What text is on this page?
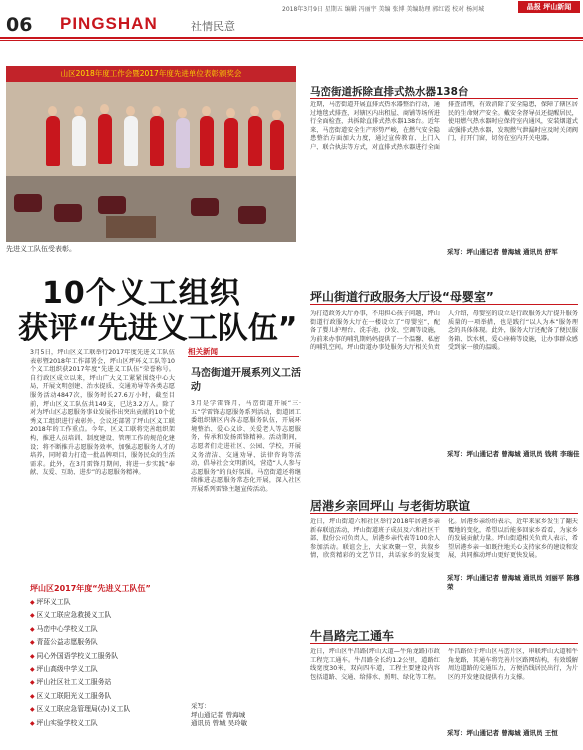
06 PINGSHAN	社情民意
2018年3月9日 星期五 编辑 冯丽宇 美编 张博 美编助理 郭红霞 校对 杨河城	晶报 坪山新闻
山区2018年度工作会暨2017年度先进单位表彰颁奖会
先进义工队伍受表彰。
10个义工组织
获评“先进义工队伍”
3月5日，坪山区义工联举行2017年度先进义工队伍表彰暨2018年工作部署会，坪山区坪环义工队等10个义工组织获2017年度“先进义工队伍”荣誉称号。自行政区成立以来，坪山广大义工紧紧围绕中心大局，开展文明创建、治水提质、交通劝导等各类志愿服务活动4847次，服务时长27.6万小时，截至目前，坪山区义工队伍共149支，已达3.2万人。除了对为坪山区志愿服务事业发展作出突出贡献的10个优秀义工组织进行表彰外，会议还部署了坪山区义工联2018年的工作重点。今年，区义工联将完善组织架构，推进人员培训、制度建设、管理工作的规范化建设；将不断推升志愿服务效率，加强志愿服务人才的培养，同时着力打造一批品牌项目，服务民众的生活需求。此外，在3月雷锋月期间，将进一步实践“奉献、友爱、互助、进步”的志愿服务精神。
坪山区2017年度“先进义工队伍”
◆ 坪环义工队
◆ 区义工联应急救援义工队
◆ 马峦中心学校义工队
◆ 青蓝公益志愿服务队
◆ 同心外国语学校义工服务队
◆ 坪山高级中学义工队
◆ 坪山社区社工义工服务站
◆ 区义工联阳光义工服务队
◆ 区义工联应急管理局(办)义工队
◆ 坪山实验学校义工队
相关新闻
马峦街道开展系列义工活动
3月是学雷锋月，马峦街道开展“三·五”学雷锋志愿服务系列活动，街道团工委组织辖区内各志愿服务队伍，开展环境整治、爱心义诊、关爱老人等志愿服务，传承和发扬雷锋精神。活动期间，志愿者们走进社区、公园、学校，开展义务清洁、交通劝导、法律咨询等活动，倡导社会文明新风，营造“人人参与志愿服务”的良好氛围。马峦街道还将继续推进志愿服务常态化开展，深入社区开展系列雷锋主题宣传活动。
采写：
坪山通记者 曾海城
通讯员 曾城 吴玲敏
马峦街道拆除直排式热水器138台
近期，马峦街道开展直排式热水器整治行动，通过地毯式排查，对辖区内出租屋、商铺等场所进行全面检查，共拆除直排式热水器138台。近年来，马峦街道安全生产形势严峻，在燃气安全隐患整治方面加大力度，通过宣传教育、上门入户、联合执法等方式，对直排式热水器进行全面排查清理，有效消除了安全隐患，保障了辖区居民的生命财产安全。戴安全督导员还提醒居民，使用燃气热水器时应保持室内通风，安装烟道式或强排式热水器，发现燃气泄漏时应及时关闭阀门，打开门窗，切勿在室内开关电器。
采写：坪山通记者 曾海城 通讯员 舒军
坪山街道行政服务大厅设“母婴室”
为打造政务大厅办事，不用担心孩子问题，坪山街道行政服务大厅在一楼设立了“母婴室”，配备了婴儿护理台、洗手池、沙发、空调等设施，为前来办事的哺乳期妈妈提供了一个温馨、私密的哺乳空间。坪山街道办事处服务大厅相关负责人介绍，母婴室的设立是行政服务大厅提升服务质量的一项举措，也是践行“以人为本”服务理念的具体体现。此外，服务大厅还配备了便民服务箱、饮水机、爱心座椅等设施，让办事群众感受到家一般的温暖。
采写：坪山通记者 曾海城 通讯员 钱莉 李瑞佳
居港乡亲回坪山 与老街坊联谊
近日，坪山街道六和社区举行2018年居港乡亲新春联谊活动，坪山街道班子成员及六和社区干部、股份公司负责人，居港乡亲代表等100余人参加活动。联谊会上，大家欢聚一堂，共叙乡情，欣赏精彩的文艺节目，共话家乡的发展变化。居港乡亲纷纷表示，近年来家乡发生了翻天覆地的变化，希望以后能多回家乡看看，为家乡的发展贡献力量。坪山街道相关负责人表示，希望居港乡亲一如既往地关心支持家乡的建设和发展，共同推动坪山更好更快发展。
采写：坪山通记者 曾海城 通讯员 刘丽平 陈穆荣
牛昌路完工通车
近日，坪山区牛昌路(坪山大道—牛角龙路)市政工程完工通车。牛昌路全长约1.2公里，道路红线宽度30米，双向四车道，工程主要建设内容包括道路、交通、给排水、照明、绿化等工程。牛昌路位于坪山区马峦片区，串联坪山大道和牛角龙路，其通车将完善片区路网结构，有效缓解周边道路的交通压力，方便沿线居民出行，为片区的开发建设提供有力支撑。
采写：坪山通记者 曾海城 通讯员 王恒
